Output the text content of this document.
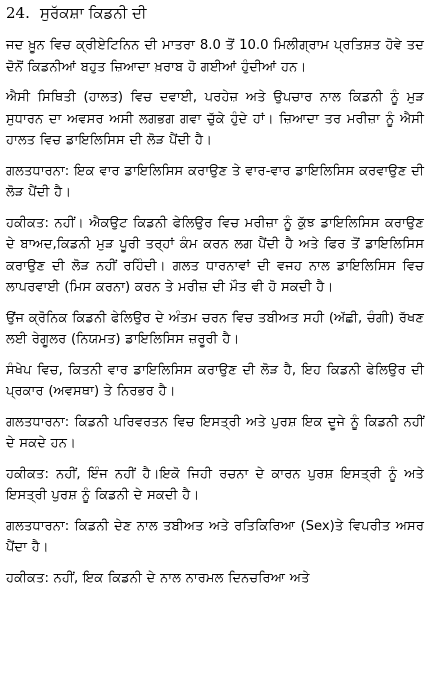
24. ਸੁਰੱਕਸ਼ਾ ਕਿਡਨੀ ਦੀ

ਜਦ ਖ਼ੂਨ ਵਿਚ ਕ੍ਰੀਏਟਿਨਿਨ ਦੀ ਮਾਤਰਾ 8.0 ਤੋਂ 10.0 ਮਿਲੀਗ੍ਰਾਮ ਪ੍ਰਤਿਸ਼ਤ ਹੋਵੇ ਤਦ ਦੋਨੋਂ ਕਿਡਨੀਆਂ ਬਹੁਤ ਜ਼ਿਆਦਾ ਖ਼ਰਾਬ ਹੋ ਗਈਆਂ ਹੁੰਦੀਆਂ ਹਨ।

ਐਸੀ ਸਿਥਿਤੀ (ਹਾਲਤ) ਵਿਚ ਦਵਾਈ, ਪਰਹੇਜ਼ ਅਤੇ ਉਪਚਾਰ ਨਾਲ ਕਿਡਨੀ ਨੂੰ ਮੁੜ ਸੁਧਾਰਨ ਦਾ ਅਵਸਰ ਅਸੀ ਲਗਭਗ ਗਵਾ ਚੁੱਕੇ ਹੁੰਦੇ ਹਾਂ। ਜ਼ਿਆਦਾ ਤਰ ਮਰੀਜ਼ਾ ਨੂੰ ਐਸੀ ਹਾਲਤ ਵਿਚ ਡਾਇਲਿਸਿਸ ਦੀ ਲੋੜ ਪੈਂਦੀ ਹੈ।

ਗਲਤਧਾਰਨਾ: ਇਕ ਵਾਰ ਡਾਇਲਿਸਿਸ ਕਰਾਉਣ ਤੇ ਵਾਰ-ਵਾਰ ਡਾਇਲਿਸਿਸ ਕਰਵਾਉਣ ਦੀ ਲੋੜ ਪੈਂਦੀ ਹੈ।

ਹਕੀਕਤ: ਨਹੀਂ। ਐਕਉਟ ਕਿਡਨੀ ਫੇਲਿਉਰ ਵਿਚ ਮਰੀਜ਼ਾ ਨੂੰ ਕੁੱਝ ਡਾਇਲਿਸਿਸ ਕਰਾਉਣ ਦੇ ਬਾਅਦ,ਕਿਡਨੀ ਮੁੜ ਪੂਰੀ ਤਰ੍ਹਾਂ ਕੰਮ ਕਰਨ ਲਗ ਪੈਂਦੀ ਹੈ ਅਤੇ ਫਿਰ ਤੋਂ ਡਾਇਲਿਸਿਸ ਕਰਾਉਣ ਦੀ ਲੋੜ ਨਹੀਂ ਰਹਿੰਦੀ। ਗਲਤ ਧਾਰਨਾਵਾਂ ਦੀ ਵਜਹ ਨਾਲ ਡਾਇਲਿਸਿਸ ਵਿਚ ਲਾਪਰਵਾਈ (ਮਿਸ ਕਰਨਾ) ਕਰਨ ਤੇ ਮਰੀਜ਼ ਦੀ ਮੌਤ ਵੀ ਹੋ ਸਕਦੀ ਹੈ।

ਉਂਜ ਕ੍ਰੋਨਿਕ ਕਿਡਨੀ ਫੇਲਿਉਰ ਦੇ ਅੰਤਮ ਚਰਨ ਵਿਚ ਤਬੀਅਤ ਸਹੀ (ਅੱਛੀ, ਚੰਗੀ) ਰੱਖਣ ਲਈ ਰੇਗੂਲਰ (ਨਿਯਮਤ) ਡਾਇਲਿਸਿਸ ਜ਼ਰੂਰੀ ਹੈ।

ਸੰਖੇਪ ਵਿਚ, ਕਿਤਨੀ ਵਾਰ ਡਾਇਲਿਸਿਸ ਕਰਾਉਣ ਦੀ ਲੋੜ ਹੈ, ਇਹ ਕਿਡਨੀ ਫੇਲਿਉਰ ਦੀ ਪ੍ਰਕਾਰ (ਅਵਸਥਾ) ਤੇ ਨਿਰਭਰ ਹੈ।

ਗਲਤਧਾਰਨਾ: ਕਿਡਨੀ ਪਰਿਵਰਤਨ ਵਿਚ ਇਸਤ੍ਰੀ ਅਤੇ ਪੁਰਸ਼ ਇਕ ਦੂਜੇ ਨੂੰ ਕਿਡਨੀ ਨਹੀਂ ਦੇ ਸਕਦੇ ਹਨ।

ਹਕੀਕਤ: ਨਹੀਂ, ਇੰਜ ਨਹੀਂ ਹੈ।ਇਕੋ ਜਿਹੀ ਰਚਨਾ ਦੇ ਕਾਰਨ ਪੁਰਸ਼ ਇਸਤ੍ਰੀ ਨੂੰ ਅਤੇ ਇਸਤ੍ਰੀ ਪੁਰਸ਼ ਨੂੰ ਕਿਡਨੀ ਦੇ ਸਕਦੀ ਹੈ।

ਗਲਤਧਾਰਨਾ: ਕਿਡਨੀ ਦੇਣ ਨਾਲ ਤਬੀਅਤ ਅਤੇ ਰਤਿਕਿਰਿਆ (Sex)ਤੇ ਵਿਪਰੀਤ ਅਸਰ ਪੈਂਦਾ ਹੈ।

ਹਕੀਕਤ: ਨਹੀਂ, ਇਕ ਕਿਡਨੀ ਦੇ ਨਾਲ ਨਾਰਮਲ ਦਿਨਚਰਿਆ ਅਤੇ
